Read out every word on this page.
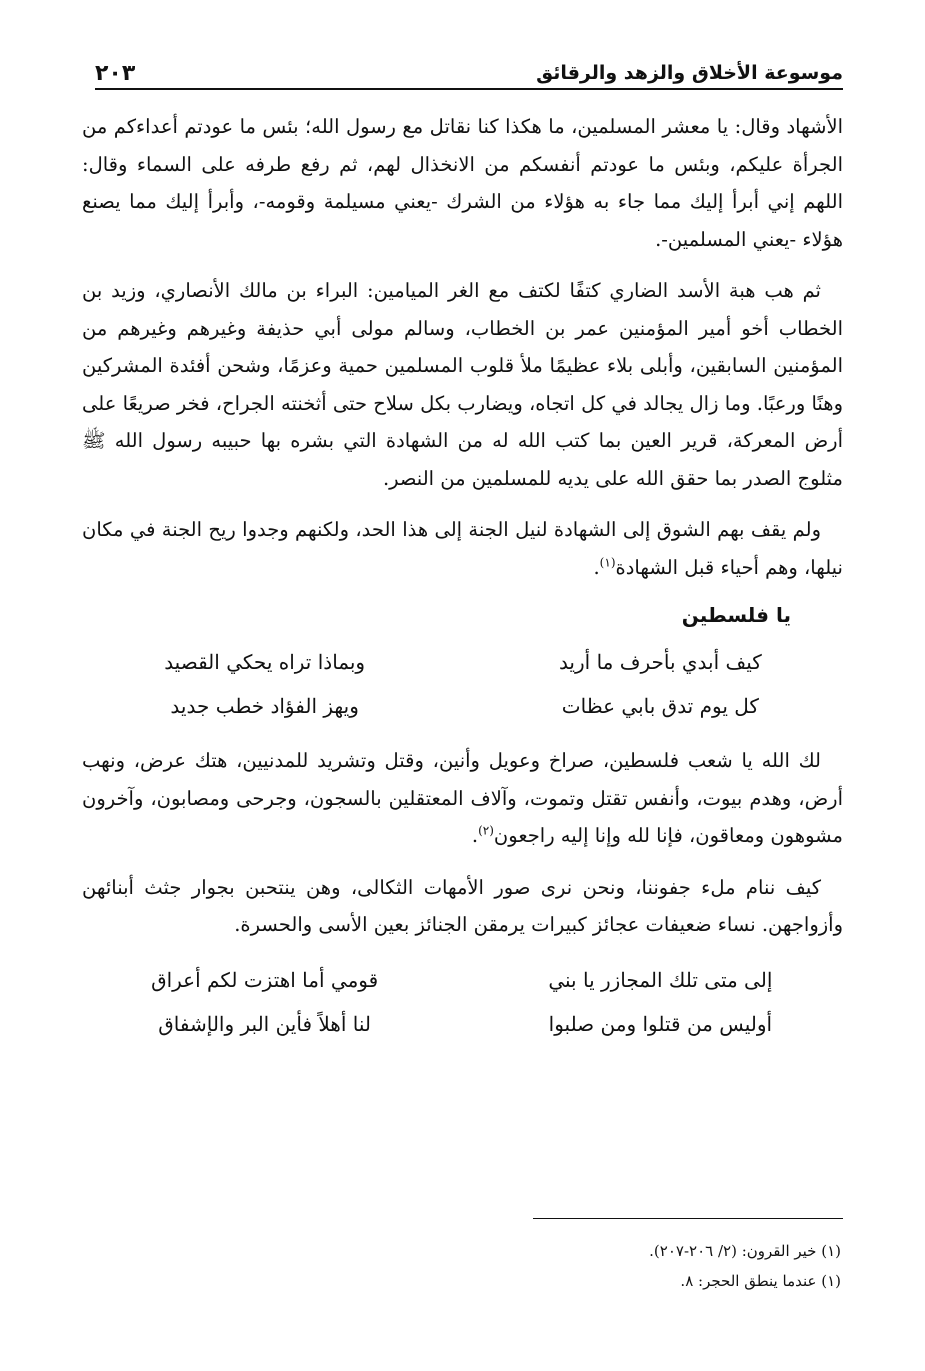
موسوعة الأخلاق والزهد والرقائق
٢٠٣

الأشهاد وقال: يا معشر المسلمين، ما هكذا كنا نقاتل مع رسول الله؛ بئس ما عودتم أعداءكم من الجرأة عليكم، وبئس ما عودتم أنفسكم من الانخذال لهم، ثم رفع طرفه على السماء وقال: اللهم إني أبرأ إليك مما جاء به هؤلاء من الشرك -يعني مسيلمة وقومه-، وأبرأ إليك مما يصنع هؤلاء -يعني المسلمين-.

ثم هب هبة الأسد الضاري كتفًا لكتف مع الغر الميامين: البراء بن مالك الأنصاري، وزيد بن الخطاب أخو أمير المؤمنين عمر بن الخطاب، وسالم مولى أبي حذيفة وغيرهم وغيرهم من المؤمنين السابقين، وأبلى بلاء عظيمًا ملأ قلوب المسلمين حمية وعزمًا، وشحن أفئدة المشركين وهنًا ورعبًا. وما زال يجالد في كل اتجاه، ويضارب بكل سلاح حتى أثخنته الجراح، فخر صريعًا على أرض المعركة، قرير العين بما كتب الله له من الشهادة التي بشره بها حبيبه رسول الله ﷺ مثلوج الصدر بما حقق الله على يديه للمسلمين من النصر.

ولم يقف بهم الشوق إلى الشهادة لنيل الجنة إلى هذا الحد، ولكنهم وجدوا ريح الجنة في مكان نيلها، وهم أحياء قبل الشهادة$^{(١)}$.

يا فلسطين
كيف أبدي بأحرف ما أريد
وبماذا تراه يحكي القصيد
كل يوم تدق بابي عظات
ويهز الفؤاد خطب جديد

لك الله يا شعب فلسطين، صراخ وعويل وأنين، وقتل وتشريد للمدنيين، هتك عرض، ونهب أرض، وهدم بيوت، وأنفس تقتل وتموت، وآلاف المعتقلين بالسجون، وجرحى ومصابون، وآخرون مشوهون ومعاقون، فإنا لله وإنا إليه راجعون$^{(٢)}$.

كيف ننام ملء جفوننا، ونحن نرى صور الأمهات الثكالى، وهن ينتحبن بجوار جثث أبنائهن وأزواجهن. نساء ضعيفات عجائز كبيرات يرمقن الجنائز بعين الأسى والحسرة.

إلى متى تلك المجازر يا بني
قومي أما اهتزت لكم أعراق
أوليس من قتلوا ومن صلبوا
لنا أهلاً فأين البر والإشفاق

(١) خير القرون: (٢/ ٢٠٦-٢٠٧).

(١) عندما ينطق الحجر: ٨.
